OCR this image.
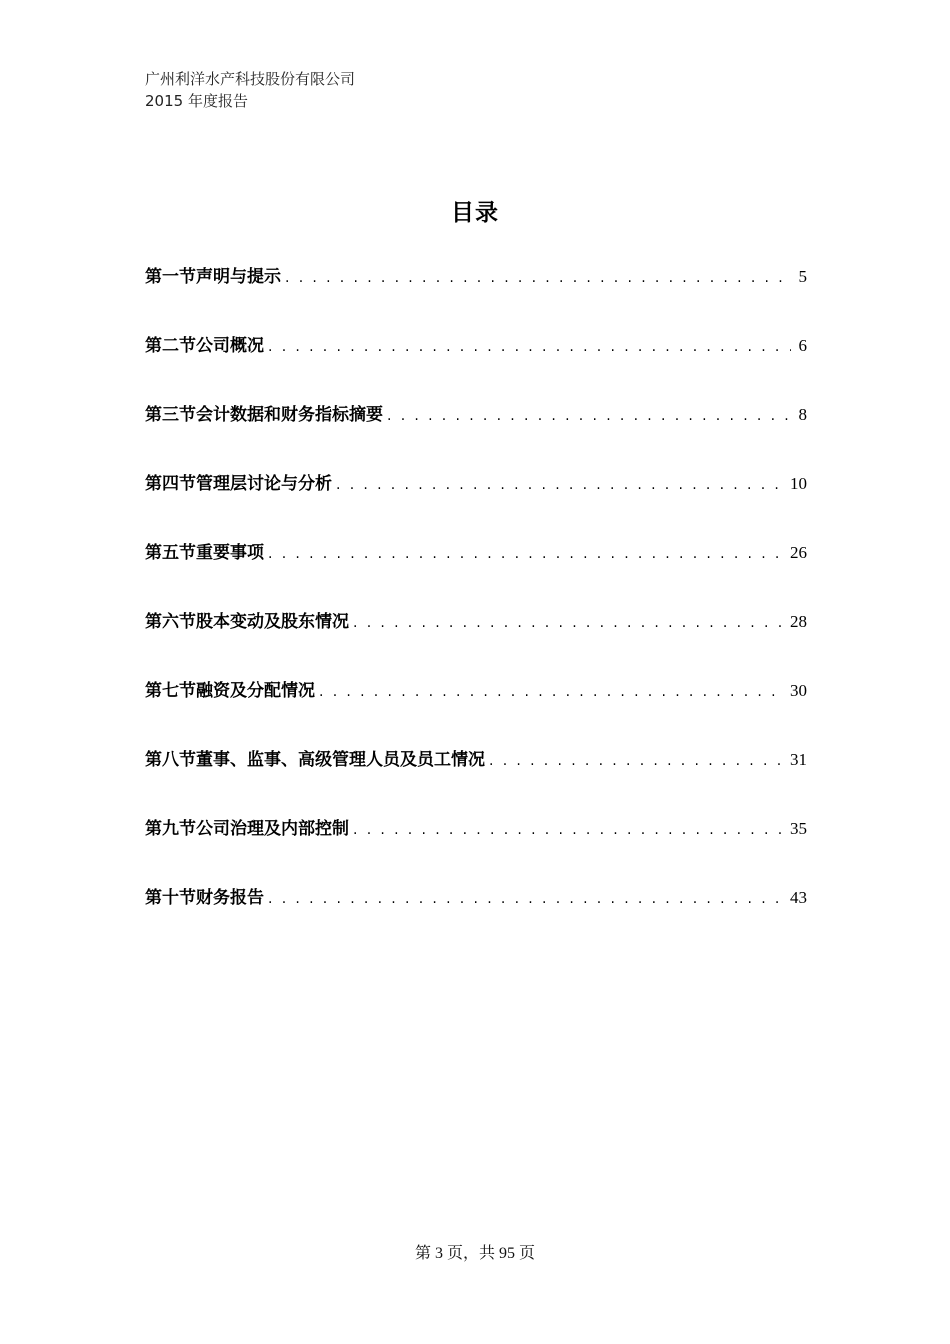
广州利洋水产科技股份有限公司
2015 年度报告
目录
第一节声明与提示 . . .	5
第二节公司概况 . . .	6
第三节会计数据和财务指标摘要 . . .	8
第四节管理层讨论与分析 . . .	10
第五节重要事项 . . .	26
第六节股本变动及股东情况 . . .	28
第七节融资及分配情况 . . .	30
第八节董事、监事、高级管理人员及员工情况 . . .	31
第九节公司治理及内部控制 . . .	35
第十节财务报告 . . .	43
第 3 页，共 95 页
